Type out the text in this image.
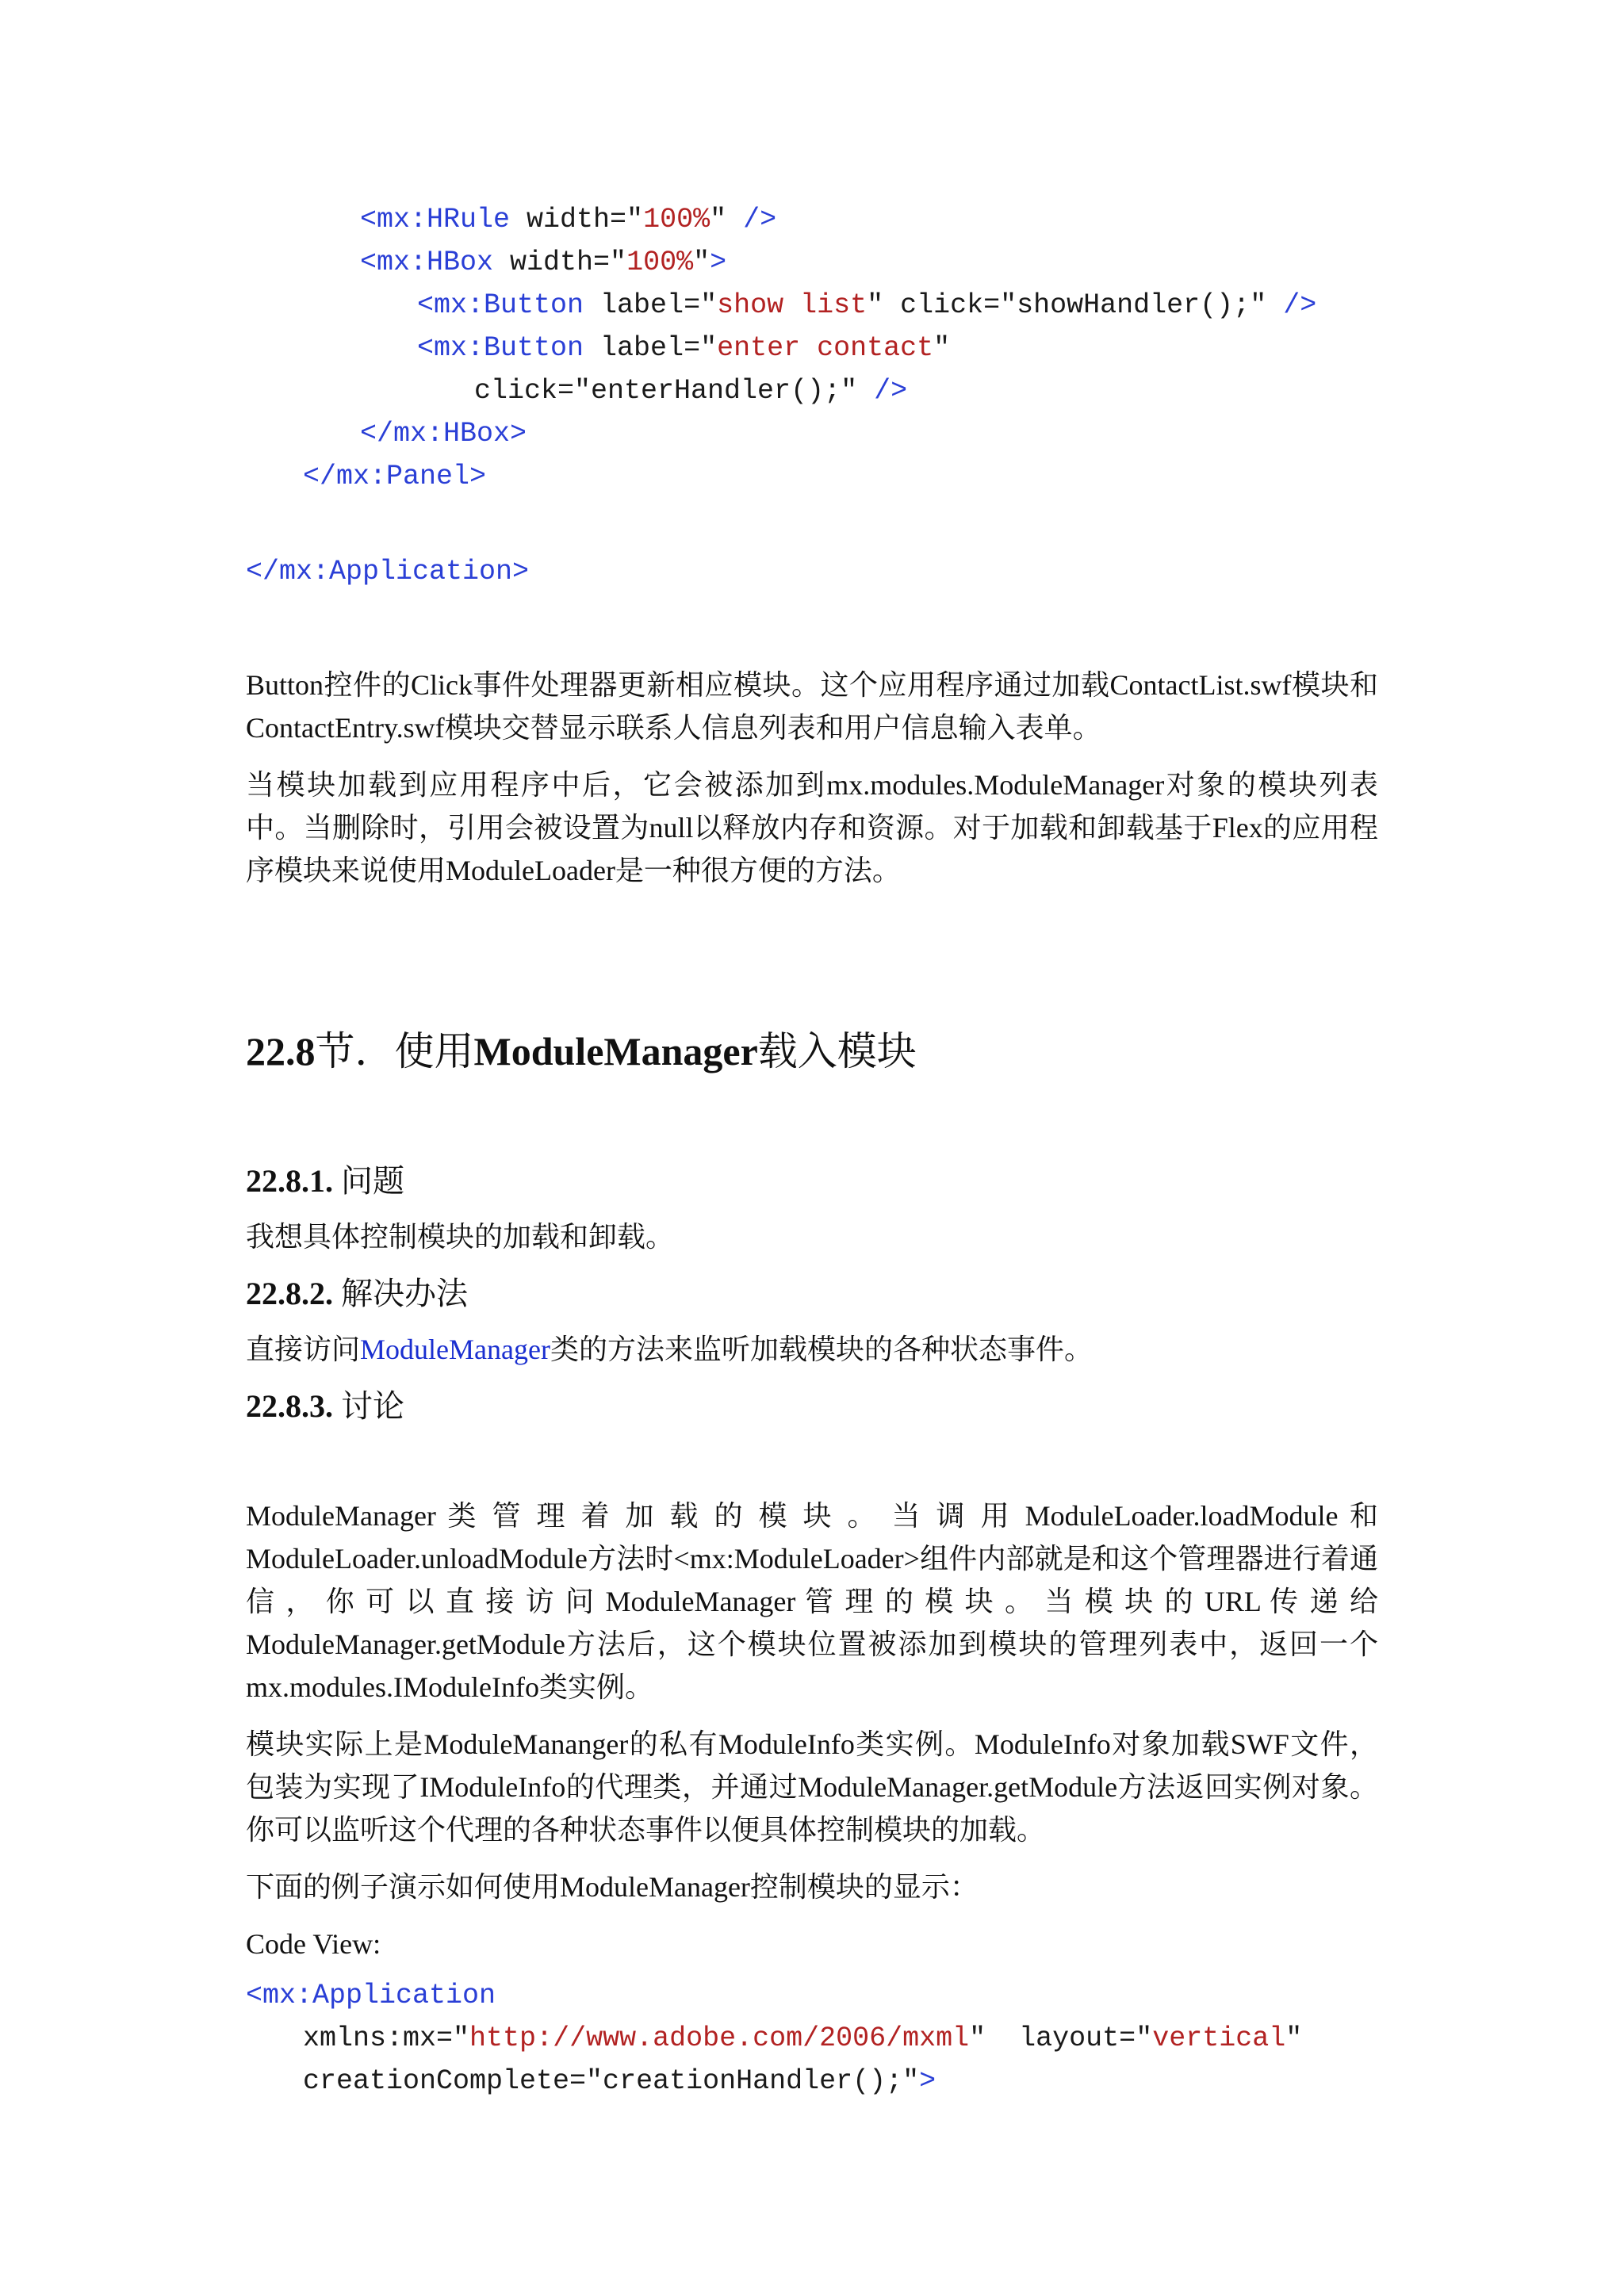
<mx:HRule width="100%" />
<mx:HBox width="100%">
<mx:Button label="show list" click="showHandler();" />
<mx:Button label="enter contact"
click="enterHandler();" />
</mx:HBox>
</mx:Panel>
</mx:Application>

Button控件的Click事件处理器更新相应模块。这个应用程序通过加载ContactList.swf模块和ContactEntry.swf模块交替显示联系人信息列表和用户信息输入表单。

当模块加载到应用程序中后，它会被添加到mx.modules.ModuleManager对象的模块列表中。当删除时，引用会被设置为null以释放内存和资源。对于加载和卸载基于Flex的应用程序模块来说使用ModuleLoader是一种很方便的方法。

22.8节．使用ModuleManager载入模块
22.8.1. 问题
我想具体控制模块的加载和卸载。
22.8.2. 解决办法
直接访问ModuleManager类的方法来监听加载模块的各种状态事件。
22.8.3. 讨论

ModuleManager 类 管 理 着 加 载 的 模 块 。 当 调 用 ModuleLoader.loadModule 和 ModuleLoader.unloadModule方法时<mx:ModuleLoader>组件内部就是和这个管理器进行着通 信 ， 你 可 以 直 接 访 问 ModuleManager 管 理 的 模 块 。 当 模 块 的 URL 传 递 给 ModuleManager.getModule方法后，这个模块位置被添加到模块的管理列表中，返回一个mx.modules.IModuleInfo类实例。

模块实际上是ModuleMananger的私有ModuleInfo类实例。ModuleInfo对象加载SWF文件，包装为实现了IModuleInfo的代理类，并通过ModuleManager.getModule方法返回实例对象。你可以监听这个代理的各种状态事件以便具体控制模块的加载。

下面的例子演示如何使用ModuleManager控制模块的显示：

Code View:

<mx:Application
xmlns:mx="http://www.adobe.com/2006/mxml"  layout="vertical"
creationComplete="creationHandler();">
